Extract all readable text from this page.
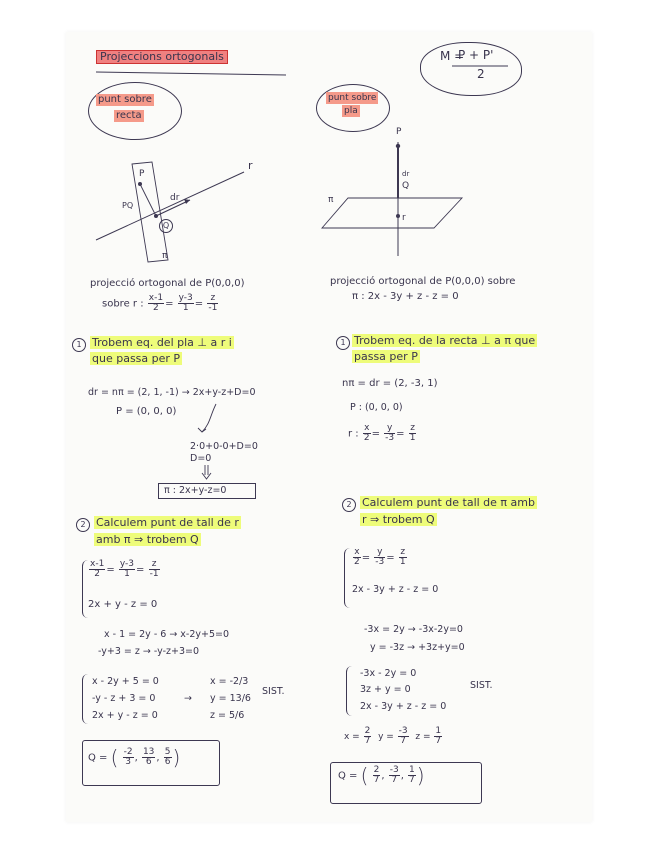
Projeccions ortogonals	M =
P + P'
2
punt sobre
recta
punt sobre
pla
r
P
dr
PQ
Q
π
P
dr
Q
π
r
projecció ortogonal de P(0,0,0)
sobre r : $\frac{x-1}{2} = \frac{y-3}{1} = \frac{z}{-1}$
projecció ortogonal de P(0,0,0) sobre
π : 2x - 3y + z - z = 0
1 Trobem eq. del pla ⊥ a r i
que passa per P
dr = nπ = (2, 1, -1) → 2x+y-z+D=0
P = (0, 0, 0)
2·0+0-0+D=0
D=0
π : 2x+y-z=0
1 Trobem eq. de la recta ⊥ a π que
passa per P
nπ = dr = (2, -3, 1)
P : (0, 0, 0)
r : $\frac{x}{2} = \frac{y}{-3} = \frac{z}{1}$
2 Calculem punt de tall de r
amb π ⇒ trobem Q
$\frac{x-1}{2} = \frac{y-3}{1} = \frac{z}{-1}$
2x + y - z = 0
x - 1 = 2y - 6 → x-2y+5=0
-y+3 = z → -y-z+3=0
x - 2y + 5 = 0
-y - z + 3 = 0
2x + y - z = 0
→
x = -2/3
y = 13/6
z = 5/6
SIST.
Q = ( $\frac{-2}{3}$ , $\frac{13}{6}$ , $\frac{5}{6}$ )
2 Calculem punt de tall de π amb
r ⇒ trobem Q
$\frac{x}{2} = \frac{y}{-3} = \frac{z}{1}$
2x - 3y + z - z = 0
-3x = 2y → -3x-2y=0
y = -3z → +3z+y=0
-3x - 2y = 0
3z + y = 0
2x - 3y + z - z = 0
SIST.
$x = \frac{2}{7}$ $y = \frac{-3}{7}$ $z = \frac{1}{7}$
Q = ( $\frac{2}{7}$ , $\frac{-3}{7}$ , $\frac{1}{7}$ )
